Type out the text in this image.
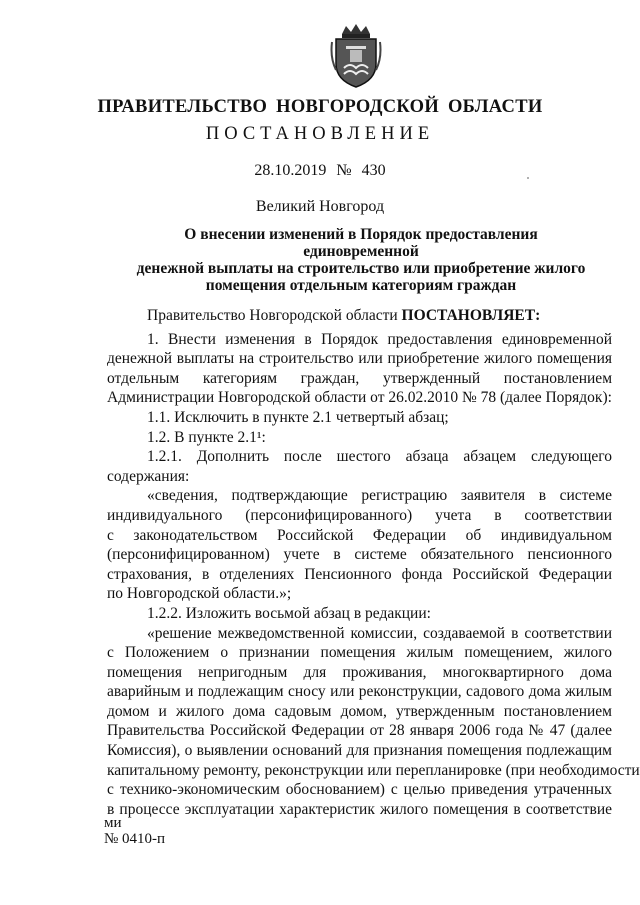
ПРАВИТЕЛЬСТВО НОВГОРОДСКОЙ ОБЛАСТИ
ПОСТАНОВЛЕНИЕ
28.10.2019 № 430
Великий Новгород
О внесении изменений в Порядок предоставления единовременной
денежной выплаты на строительство или приобретение жилого
помещения отдельным категориям граждан

Правительство Новгородской области ПОСТАНОВЛЯЕТ:

1. Внести изменения в Порядок предоставления единовременной
денежной выплаты на строительство или приобретение жилого помещения
отдельным категориям граждан, утвержденный постановлением
Администрации Новгородской области от 26.02.2010 № 78 (далее Порядок):
1.1. Исключить в пункте 2.1 четвертый абзац;
1.2. В пункте 2.1¹:
1.2.1. Дополнить после шестого абзаца абзацем следующего
содержания:
«сведения, подтверждающие регистрацию заявителя в системе
индивидуального (персонифицированного) учета в соответствии
с законодательством Российской Федерации об индивидуальном
(персонифицированном) учете в системе обязательного пенсионного
страхования, в отделениях Пенсионного фонда Российской Федерации
по Новгородской области.»;
1.2.2. Изложить восьмой абзац в редакции:
«решение межведомственной комиссии, создаваемой в соответствии
с Положением о признании помещения жилым помещением, жилого
помещения непригодным для проживания, многоквартирного дома
аварийным и подлежащим сносу или реконструкции, садового дома жилым
домом и жилого дома садовым домом, утвержденным постановлением
Правительства Российской Федерации от 28 января 2006 года № 47 (далее
Комиссия), о выявлении оснований для признания помещения подлежащим
капитальному ремонту, реконструкции или перепланировке (при необходимости
с технико-экономическим обоснованием) с целью приведения утраченных
в процессе эксплуатации характеристик жилого помещения в соответствие
ми
№ 0410-п
